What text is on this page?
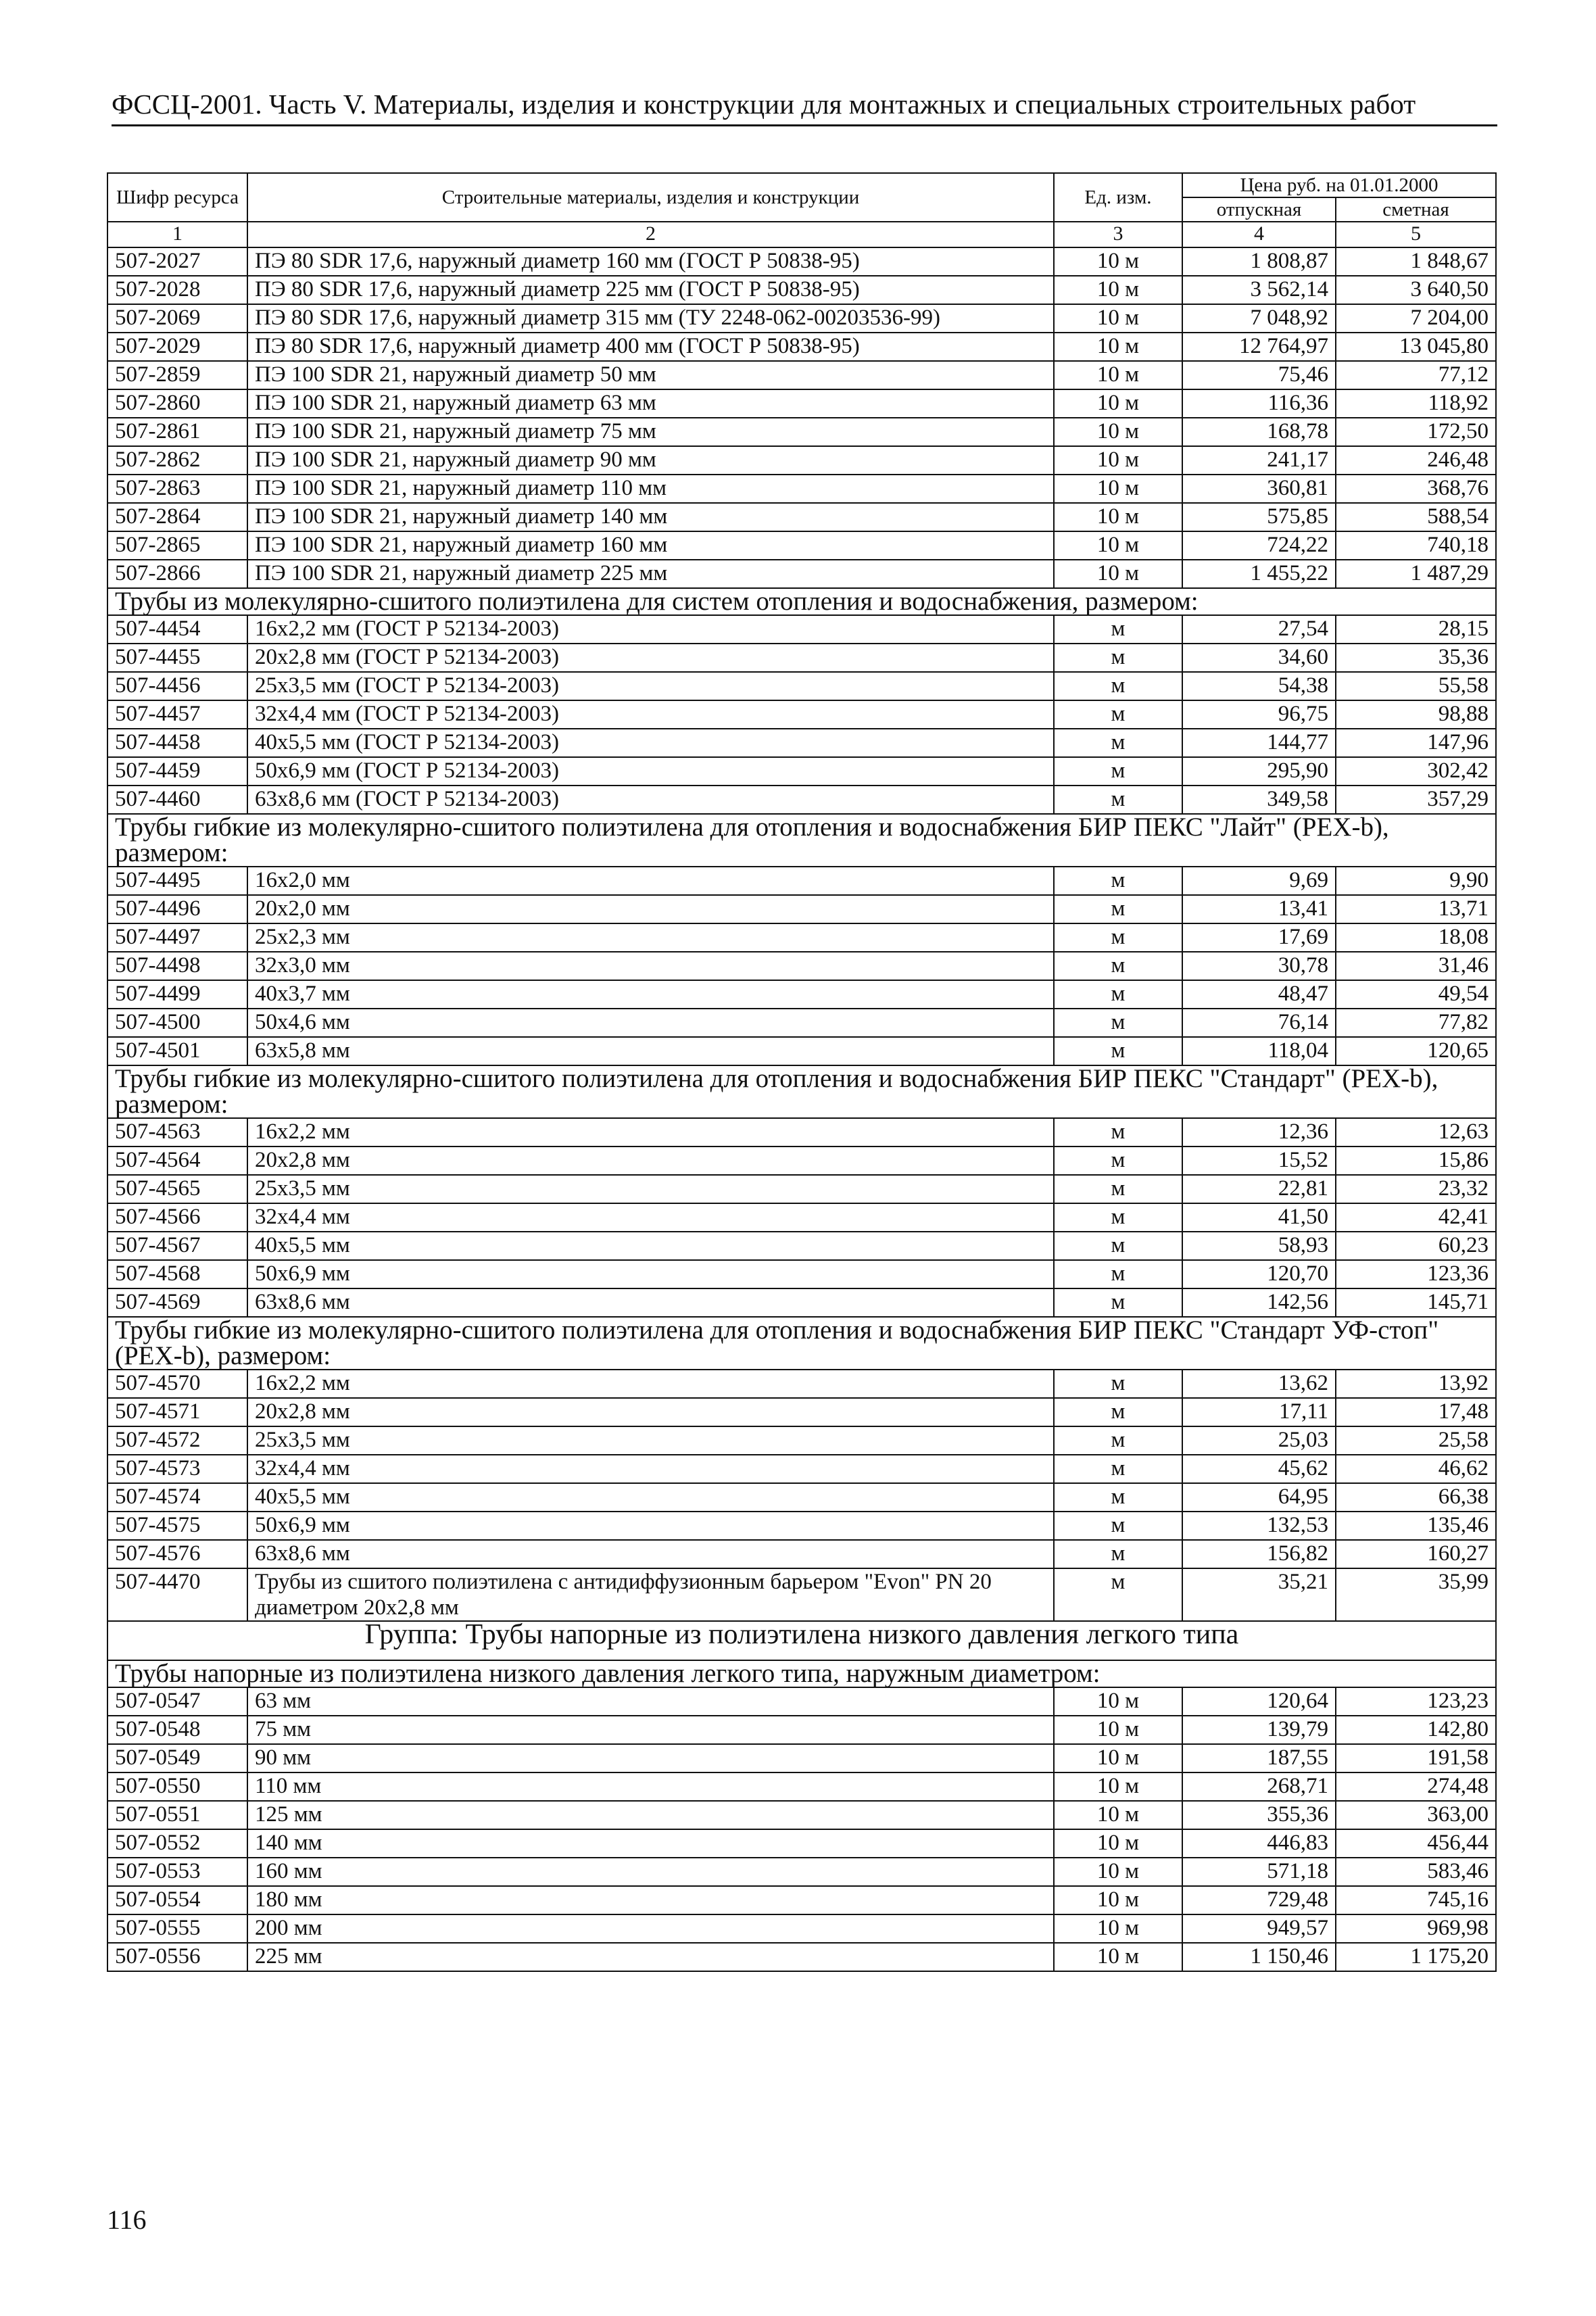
ФССЦ-2001. Часть V. Материалы, изделия и конструкции для монтажных и специальных строительных работ
Шифр ресурса	Строительные материалы, изделия и конструкции	Ед. изм.	Цена руб. на 01.01.2000	
			отпускная	сметная
1	2	3	4	5
507-2027	ПЭ 80 SDR 17,6, наружный диаметр 160 мм (ГОСТ Р 50838-95)	10 м	1 808,87	1 848,67
507-2028	ПЭ 80 SDR 17,6, наружный диаметр 225 мм (ГОСТ Р 50838-95)	10 м	3 562,14	3 640,50
507-2069	ПЭ 80 SDR 17,6, наружный диаметр 315 мм (ТУ 2248-062-00203536-99)	10 м	7 048,92	7 204,00
507-2029	ПЭ 80 SDR 17,6, наружный диаметр 400 мм (ГОСТ Р 50838-95)	10 м	12 764,97	13 045,80
507-2859	ПЭ 100 SDR 21, наружный диаметр 50 мм	10 м	75,46	77,12
507-2860	ПЭ 100 SDR 21, наружный диаметр 63 мм	10 м	116,36	118,92
507-2861	ПЭ 100 SDR 21, наружный диаметр 75 мм	10 м	168,78	172,50
507-2862	ПЭ 100 SDR 21, наружный диаметр 90 мм	10 м	241,17	246,48
507-2863	ПЭ 100 SDR 21, наружный диаметр 110 мм	10 м	360,81	368,76
507-2864	ПЭ 100 SDR 21, наружный диаметр 140 мм	10 м	575,85	588,54
507-2865	ПЭ 100 SDR 21, наружный диаметр 160 мм	10 м	724,22	740,18
507-2866	ПЭ 100 SDR 21, наружный диаметр 225 мм	10 м	1 455,22	1 487,29
Трубы из молекулярно-сшитого полиэтилена для систем отопления и водоснабжения, размером:				
507-4454	16х2,2 мм (ГОСТ Р 52134-2003)	м	27,54	28,15
507-4455	20х2,8 мм (ГОСТ Р 52134-2003)	м	34,60	35,36
507-4456	25х3,5 мм (ГОСТ Р 52134-2003)	м	54,38	55,58
507-4457	32х4,4 мм (ГОСТ Р 52134-2003)	м	96,75	98,88
507-4458	40х5,5 мм (ГОСТ Р 52134-2003)	м	144,77	147,96
507-4459	50х6,9 мм (ГОСТ Р 52134-2003)	м	295,90	302,42
507-4460	63х8,6 мм (ГОСТ Р 52134-2003)	м	349,58	357,29
Трубы гибкие из молекулярно-сшитого полиэтилена для отопления и водоснабжения БИР ПЕКС "Лайт" (PEX-b), размером:				
507-4495	16х2,0 мм	м	9,69	9,90
507-4496	20х2,0 мм	м	13,41	13,71
507-4497	25х2,3 мм	м	17,69	18,08
507-4498	32х3,0 мм	м	30,78	31,46
507-4499	40х3,7 мм	м	48,47	49,54
507-4500	50х4,6 мм	м	76,14	77,82
507-4501	63х5,8 мм	м	118,04	120,65
Трубы гибкие из молекулярно-сшитого полиэтилена для отопления и водоснабжения БИР ПЕКС "Стандарт" (PEX-b), размером:				
507-4563	16х2,2 мм	м	12,36	12,63
507-4564	20х2,8 мм	м	15,52	15,86
507-4565	25х3,5 мм	м	22,81	23,32
507-4566	32х4,4 мм	м	41,50	42,41
507-4567	40х5,5 мм	м	58,93	60,23
507-4568	50х6,9 мм	м	120,70	123,36
507-4569	63х8,6 мм	м	142,56	145,71
Трубы гибкие из молекулярно-сшитого полиэтилена для отопления и водоснабжения БИР ПЕКС "Стандарт УФ-стоп" (PEX-b), размером:				
507-4570	16х2,2 мм	м	13,62	13,92
507-4571	20х2,8 мм	м	17,11	17,48
507-4572	25х3,5 мм	м	25,03	25,58
507-4573	32х4,4 мм	м	45,62	46,62
507-4574	40х5,5 мм	м	64,95	66,38
507-4575	50х6,9 мм	м	132,53	135,46
507-4576	63х8,6 мм	м	156,82	160,27
507-4470	Трубы из сшитого полиэтилена с антидиффузионным барьером "Evon" PN 20 диаметром 20х2,8 мм	м	35,21	35,99
Группа: Трубы напорные из полиэтилена низкого давления легкого типа				
Трубы напорные из полиэтилена низкого давления легкого типа, наружным диаметром:				
507-0547	63 мм	10 м	120,64	123,23
507-0548	75 мм	10 м	139,79	142,80
507-0549	90 мм	10 м	187,55	191,58
507-0550	110 мм	10 м	268,71	274,48
507-0551	125 мм	10 м	355,36	363,00
507-0552	140 мм	10 м	446,83	456,44
507-0553	160 мм	10 м	571,18	583,46
507-0554	180 мм	10 м	729,48	745,16
507-0555	200 мм	10 м	949,57	969,98
507-0556	225 мм	10 м	1 150,46	1 175,20
116
